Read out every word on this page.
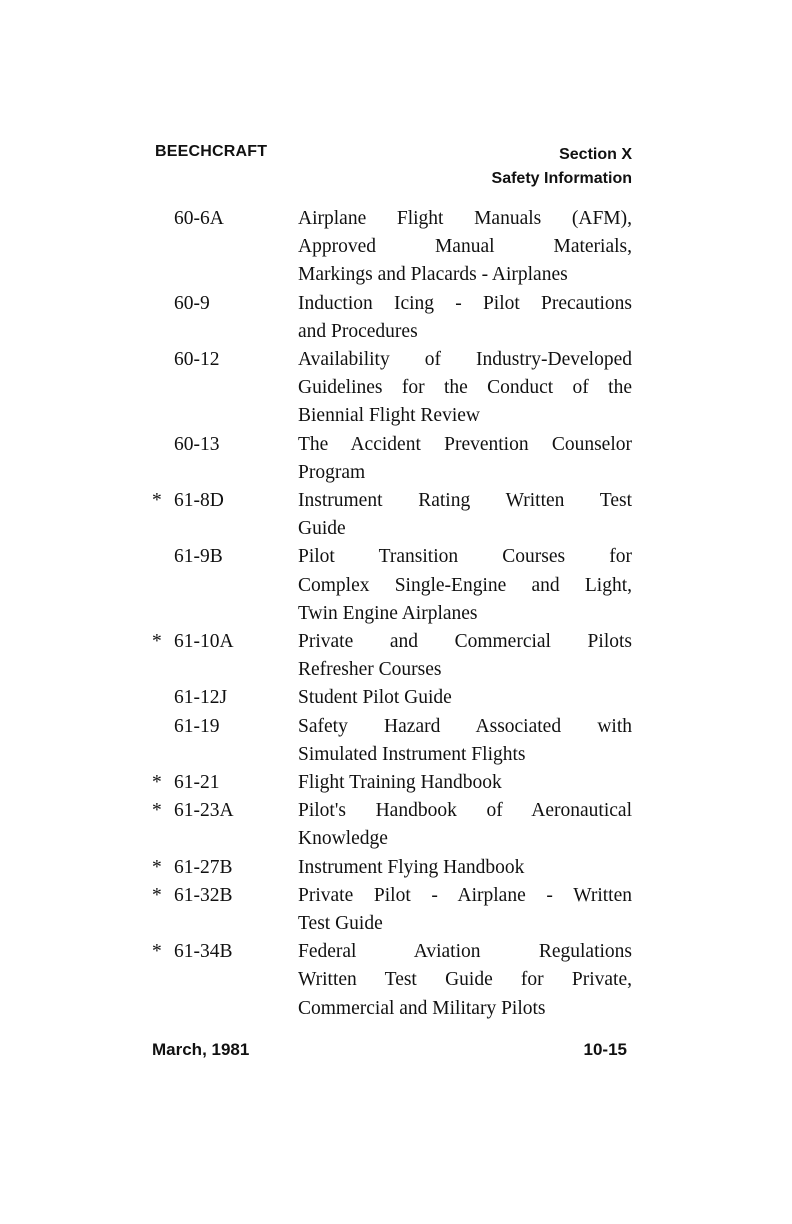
BEECHCRAFT	Section X
Safety Information
60-6A	Airplane Flight Manuals (AFM),
Approved Manual Materials,
Markings and Placards - Airplanes
60-9	Induction Icing - Pilot Precautions
and Procedures
60-12	Availability of Industry-Developed
Guidelines for the Conduct of the
Biennial Flight Review
60-13	The Accident Prevention Counselor
Program
* 61-8D	Instrument Rating Written Test
Guide
61-9B	Pilot Transition Courses for
Complex Single-Engine and Light,
Twin Engine Airplanes
* 61-10A	Private and Commercial Pilots
Refresher Courses
61-12J	Student Pilot Guide
61-19	Safety Hazard Associated with
Simulated Instrument Flights
* 61-21	Flight Training Handbook
* 61-23A	Pilot's Handbook of Aeronautical
Knowledge
* 61-27B	Instrument Flying Handbook
* 61-32B	Private Pilot - Airplane - Written
Test Guide
* 61-34B	Federal Aviation Regulations
Written Test Guide for Private,
Commercial and Military Pilots
March, 1981	10-15
